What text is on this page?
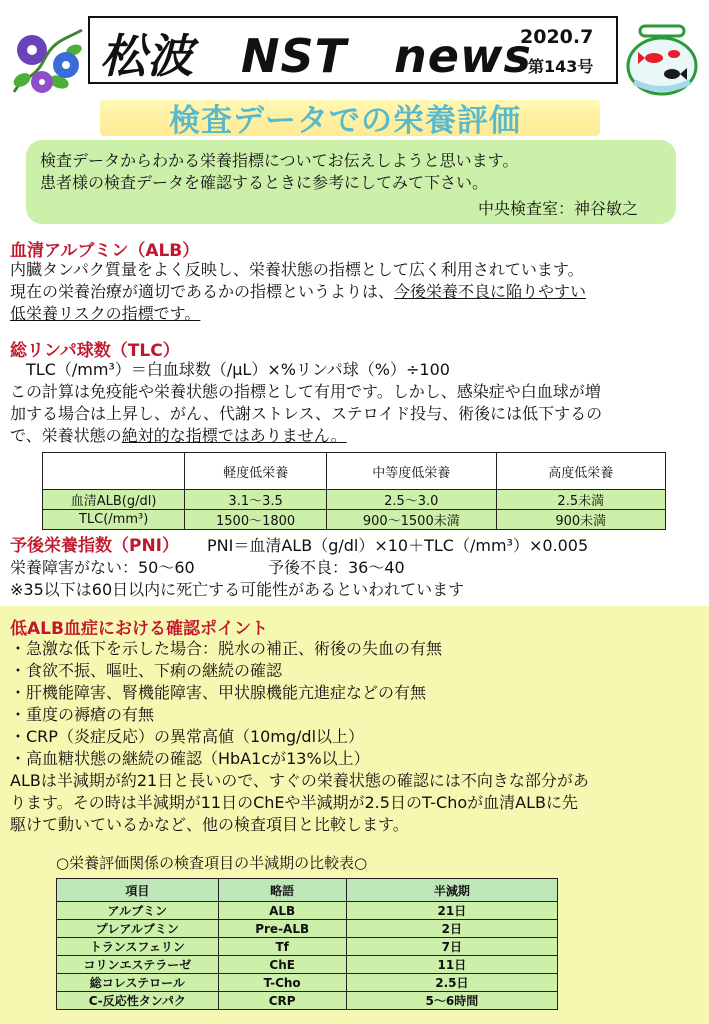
松波　NST　news
2020.7
第143号
検査データでの栄養評価
検査データからわかる栄養指標についてお伝えしようと思います。
患者様の検査データを確認するときに参考にしてみて下さい。
中央検査室：神谷敏之
血清アルブミン（ALB）
内臓タンパク質量をよく反映し、栄養状態の指標として広く利用されています。
現在の栄養治療が適切であるかの指標というよりは、今後栄養不良に陥りやすい
低栄養リスクの指標です。
総リンパ球数（TLC）
TLC（/mm³）＝白血球数（/μL）×%リンパ球（%）÷100
この計算は免疫能や栄養状態の指標として有用です。しかし、感染症や白血球が増
加する場合は上昇し、がん、代謝ストレス、ステロイド投与、術後には低下するの
で、栄養状態の絶対的な指標ではありません。
	軽度低栄養	中等度低栄養	高度低栄養
血清ALB(g/dl)	3.1～3.5	2.5～3.0	2.5未満
TLC(/mm³)	1500～1800	900～1500未満	900未満
予後栄養指数（PNI） PNI＝血清ALB（g/dl）×10＋TLC（/mm³）×0.005
栄養障害がない：50～60	予後不良：36～40
※35以下は60日以内に死亡する可能性があるといわれています
低ALB血症における確認ポイント
・急激な低下を示した場合：脱水の補正、術後の失血の有無
・食欲不振、嘔吐、下痢の継続の確認
・肝機能障害、腎機能障害、甲状腺機能亢進症などの有無
・重度の褥瘡の有無
・CRP（炎症反応）の異常高値（10mg/dl以上）
・高血糖状態の継続の確認（HbA1cが13%以上）
ALBは半減期が約21日と長いので、すぐの栄養状態の確認には不向きな部分があ
ります。その時は半減期が11日のChEや半減期が2.5日のT-Choが血清ALBに先
駆けて動いているかなど、他の検査項目と比較します。
○栄養評価関係の検査項目の半減期の比較表○
項目	略語	半減期
アルブミン	ALB	21日
プレアルブミン	Pre-ALB	2日
トランスフェリン	Tf	7日
コリンエステラーゼ	ChE	11日
総コレステロール	T-Cho	2.5日
C-反応性タンパク	CRP	5～6時間
